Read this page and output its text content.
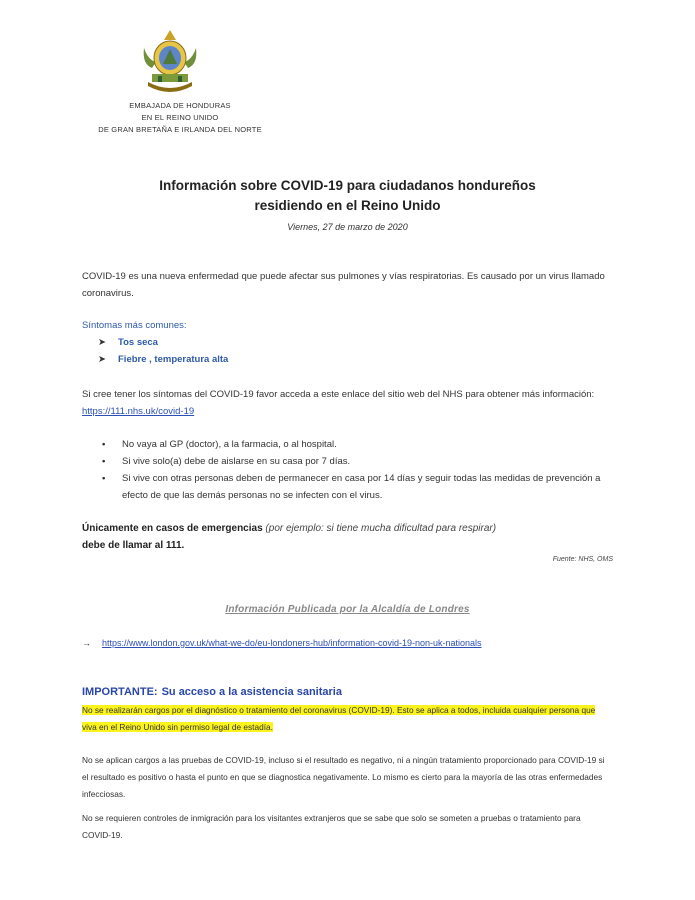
EMBAJADA DE HONDURAS
EN EL REINO UNIDO
DE GRAN BRETAÑA E IRLANDA DEL NORTE
Información sobre COVID-19 para ciudadanos hondureños
residiendo en el Reino Unido
Viernes, 27 de marzo de 2020
COVID-19 es una nueva enfermedad que puede afectar sus pulmones y vías respiratorias. Es causado por un virus llamado coronavirus.
Síntomas más comunes:
➤ Tos seca
➤ Fiebre , temperatura alta
Si cree tener los síntomas del COVID-19 favor acceda a este enlace del sitio web del NHS para obtener más información:      https://111.nhs.uk/covid-19
• No vaya al GP (doctor), a la farmacia, o al hospital.
• Si vive solo(a) debe de aislarse en su casa por 7 días.
• Si vive con otras personas deben de permanecer en casa por 14 días y seguir todas las medidas de prevención a efecto de que las demás personas no se infecten con el virus.
Únicamente en casos de emergencias (por ejemplo: si tiene mucha dificultad para respirar)
debe de llamar al 111.
Fuente: NHS, OMS
Información Publicada por la Alcaldía de Londres
→ https://www.london.gov.uk/what-we-do/eu-londoners-hub/information-covid-19-non-uk-nationals
IMPORTANTE: Su acceso a la asistencia sanitaria
No se realizarán cargos por el diagnóstico o tratamiento del coronavirus (COVID-19). Esto se aplica a todos, incluida cualquier persona que viva en el Reino Unido sin permiso legal de estadía.
No se aplican cargos a las pruebas de COVID-19, incluso si el resultado es negativo, ni a ningún tratamiento proporcionado para COVID-19 si el resultado es positivo o hasta el punto en que se diagnostica negativamente. Lo mismo es cierto para la mayoría de las otras enfermedades infecciosas.
No se requieren controles de inmigración para los visitantes extranjeros que se sabe que solo se someten a pruebas o tratamiento para COVID-19.
